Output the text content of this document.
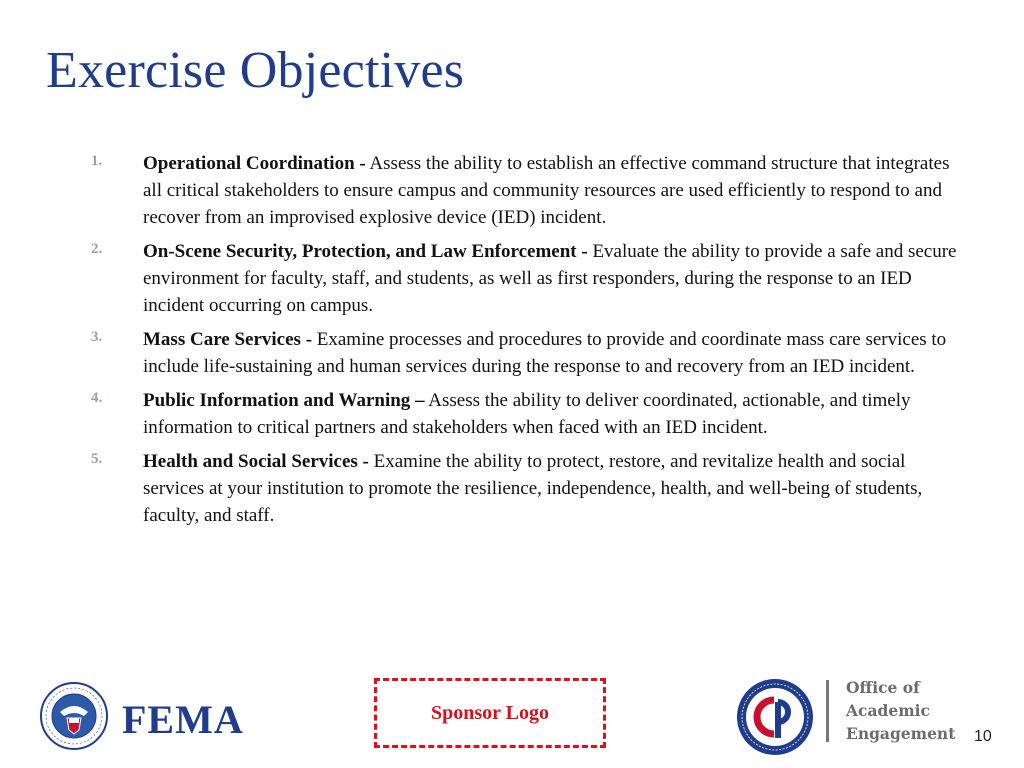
Exercise Objectives
1.	Operational Coordination - Assess the ability to establish an effective command structure that integrates all critical stakeholders to ensure campus and community resources are used efficiently to respond to and recover from an improvised explosive device (IED) incident.
2.	On-Scene Security, Protection, and Law Enforcement - Evaluate the ability to provide a safe and secure environment for faculty, staff, and students, as well as first responders, during the response to an IED incident occurring on campus.
3.	Mass Care Services - Examine processes and procedures to provide and coordinate mass care services to include life-sustaining and human services during the response to and recovery from an IED incident.
4.	Public Information and Warning – Assess the ability to deliver coordinated, actionable, and timely information to critical partners and stakeholders when faced with an IED incident.
5.	Health and Social Services - Examine the ability to protect, restore, and revitalize health and social services at your institution to promote the resilience, independence, health, and well-being of students, faculty, and staff.
FEMA	Sponsor Logo
Office of
Academic
Engagement 10
